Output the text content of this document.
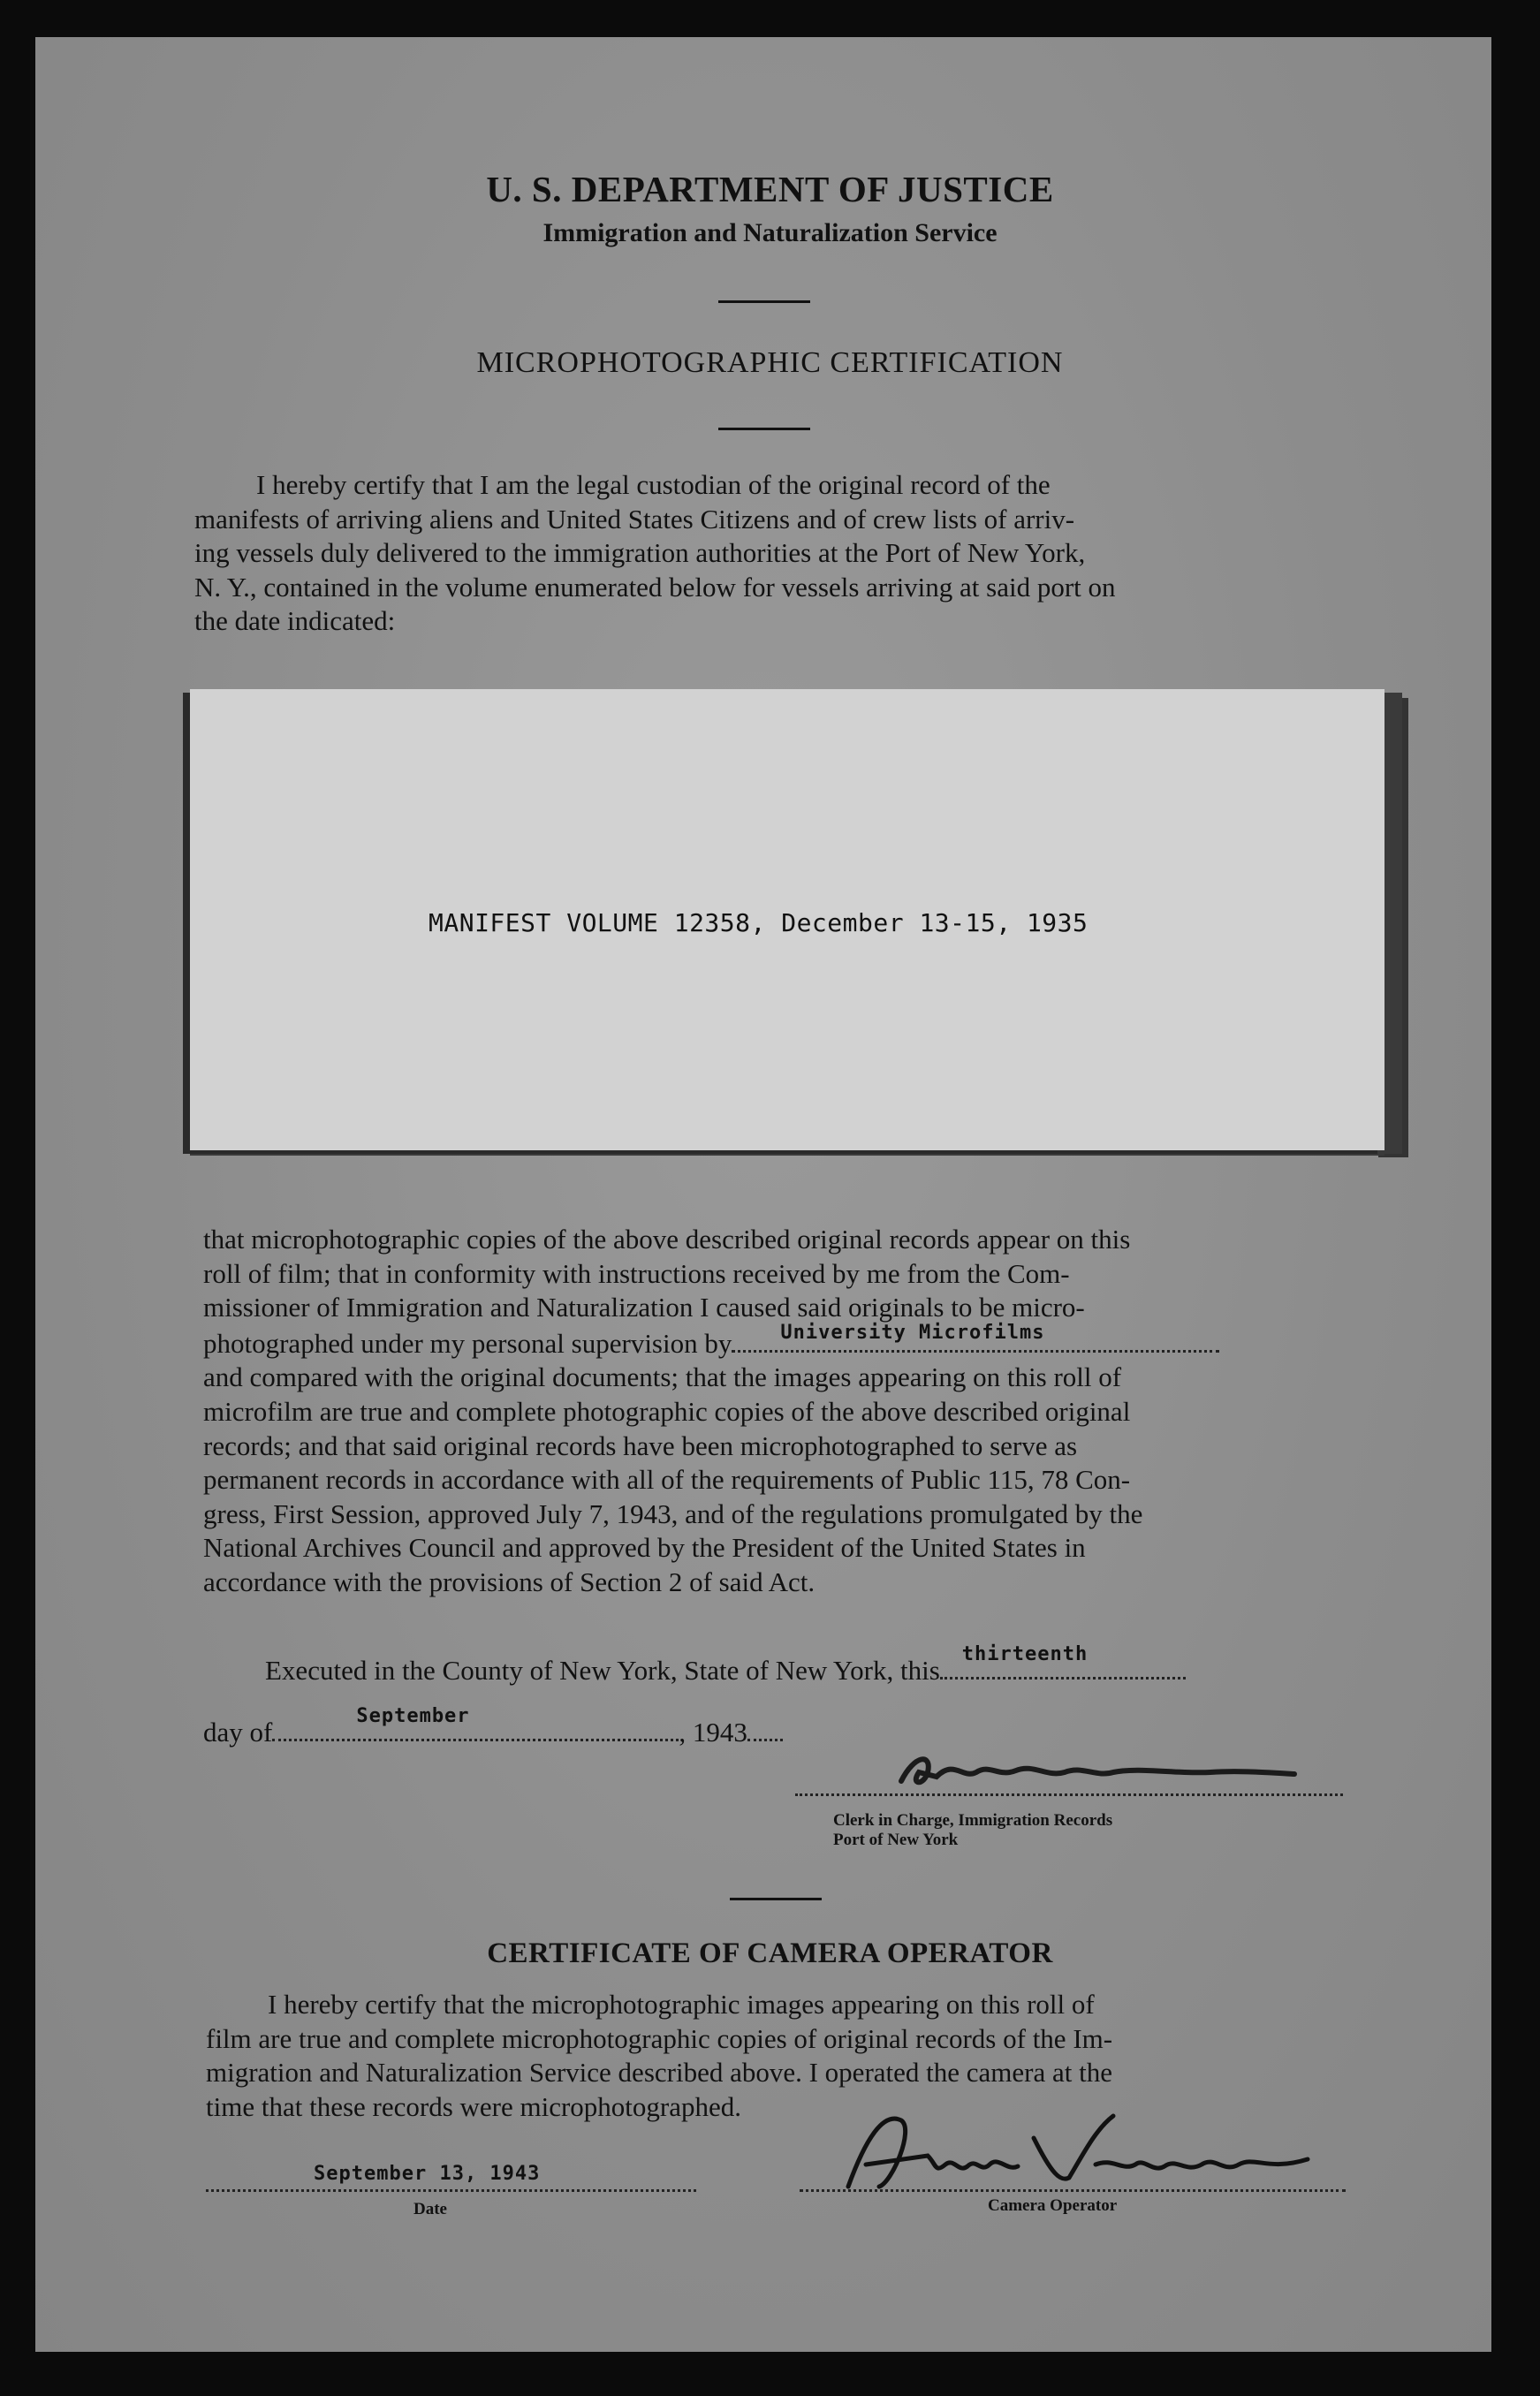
U. S. DEPARTMENT OF JUSTICE
Immigration and Naturalization Service
MICROPHOTOGRAPHIC CERTIFICATION

I hereby certify that I am the legal custodian of the original record of the

manifests of arriving aliens and United States Citizens and of crew lists of arriv-

ing vessels duly delivered to the immigration authorities at the Port of New York,

N. Y., contained in the volume enumerated below for vessels arriving at said port on

the date indicated:

MANIFEST VOLUME 12358, December 13-15, 1935

that microphotographic copies of the above described original records appear on this

roll of film; that in conformity with instructions received by me from the Com-

missioner of Immigration and Naturalization I caused said originals to be micro-

photographed under my personal supervision by	University Microfilms

and compared with the original documents; that the images appearing on this roll of

microfilm are true and complete photographic copies of the above described original

records; and that said original records have been microphotographed to serve as

permanent records in accordance with all of the requirements of Public 115, 78 Con-

gress, First Session, approved July 7, 1943, and of the regulations promulgated by the

National Archives Council and approved by the President of the United States in

accordance with the provisions of Section 2 of said Act.

Executed in the County of New York, State of New York, this
thirteenth
day of
September
, 1943
Clerk in Charge, Immigration Records
Port of New York
CERTIFICATE OF CAMERA OPERATOR

I hereby certify that the microphotographic images appearing on this roll of

film are true and complete microphotographic copies of original records of the Im-

migration and Naturalization Service described above. I operated the camera at the

time that these records were microphotographed.

September 13, 1943
Date	Camera Operator
